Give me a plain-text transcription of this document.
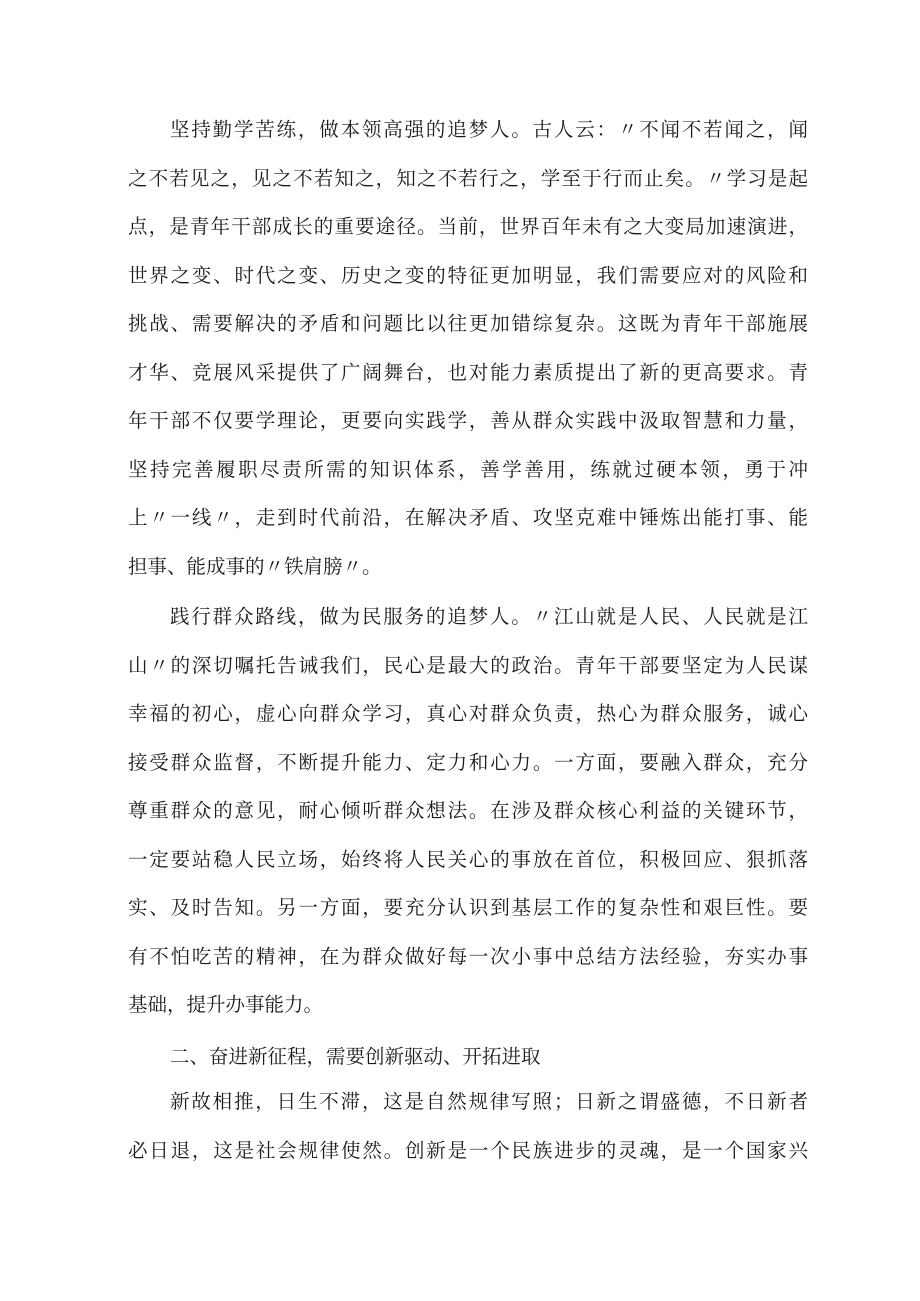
坚持勤学苦练，做本领高强的追梦人。古人云：〃不闻不若闻之，闻
之不若见之，见之不若知之，知之不若行之，学至于行而止矣。〃学习是起
点，是青年干部成长的重要途径。当前，世界百年未有之大变局加速演进，
世界之变、时代之变、历史之变的特征更加明显，我们需要应对的风险和
挑战、需要解决的矛盾和问题比以往更加错综复杂。这既为青年干部施展
才华、竞展风采提供了广阔舞台，也对能力素质提出了新的更高要求。青
年干部不仅要学理论，更要向实践学，善从群众实践中汲取智慧和力量，
坚持完善履职尽责所需的知识体系，善学善用，练就过硬本领，勇于冲
上〃一线〃，走到时代前沿，在解决矛盾、攻坚克难中锤炼出能打事、能
担事、能成事的〃铁肩膀〃。
践行群众路线，做为民服务的追梦人。〃江山就是人民、人民就是江
山〃的深切嘱托告诫我们，民心是最大的政治。青年干部要坚定为人民谋
幸福的初心，虚心向群众学习，真心对群众负责，热心为群众服务，诚心
接受群众监督，不断提升能力、定力和心力。一方面，要融入群众，充分
尊重群众的意见，耐心倾听群众想法。在涉及群众核心利益的关键环节，
一定要站稳人民立场，始终将人民关心的事放在首位，积极回应、狠抓落
实、及时告知。另一方面，要充分认识到基层工作的复杂性和艰巨性。要
有不怕吃苦的精神，在为群众做好每一次小事中总结方法经验，夯实办事
基础，提升办事能力。
二、奋进新征程，需要创新驱动、开拓进取
新故相推，日生不滞，这是自然规律写照；日新之谓盛德，不日新者
必日退，这是社会规律使然。创新是一个民族进步的灵魂，是一个国家兴
